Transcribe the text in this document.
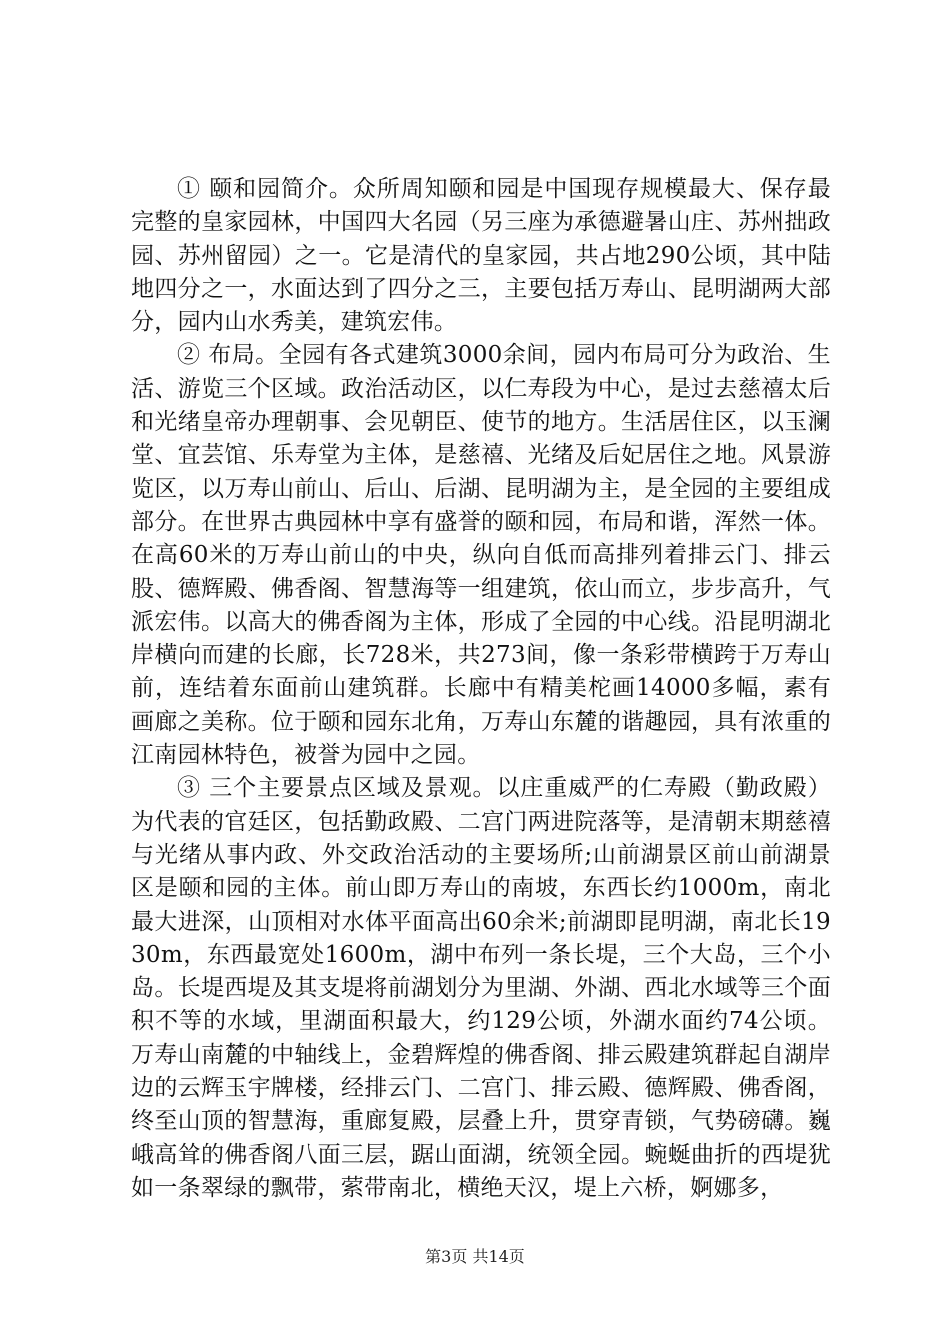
① 颐和园简介。众所周知颐和园是中国现存规模最大、保存最完整的皇家园林，中国四大名园（另三座为承德避暑山庄、苏州拙政园、苏州留园）之一。它是清代的皇家园，共占地290公顷，其中陆地四分之一，水面达到了四分之三，主要包括万寿山、昆明湖两大部分，园内山水秀美，建筑宏伟。

② 布局。全园有各式建筑3000余间，园内布局可分为政治、生活、游览三个区域。政治活动区，以仁寿段为中心，是过去慈禧太后和光绪皇帝办理朝事、会见朝臣、使节的地方。生活居住区，以玉澜堂、宜芸馆、乐寿堂为主体，是慈禧、光绪及后妃居住之地。风景游览区，以万寿山前山、后山、后湖、昆明湖为主，是全园的主要组成部分。在世界古典园林中享有盛誉的颐和园，布局和谐，浑然一体。在高60米的万寿山前山的中央，纵向自低而高排列着排云门、排云股、德辉殿、佛香阁、智慧海等一组建筑，依山而立，步步高升，气派宏伟。以高大的佛香阁为主体，形成了全园的中心线。沿昆明湖北岸横向而建的长廊，长728米，共273间，像一条彩带横跨于万寿山前，连结着东面前山建筑群。长廊中有精美柁画14000多幅，素有画廊之美称。位于颐和园东北角，万寿山东麓的谐趣园，具有浓重的江南园林特色，被誉为园中之园。

③ 三个主要景点区域及景观。以庄重威严的仁寿殿（勤政殿）为代表的官廷区，包括勤政殿、二宫门两进院落等，是清朝末期慈禧与光绪从事内政、外交政治活动的主要场所;山前湖景区前山前湖景区是颐和园的主体。前山即万寿山的南坡，东西长约1000m，南北最大进深，山顶相对水体平面高出60余米;前湖即昆明湖，南北长1930m，东西最宽处1600m，湖中布列一条长堤，三个大岛，三个小岛。长堤西堤及其支堤将前湖划分为里湖、外湖、西北水域等三个面积不等的水域，里湖面积最大，约129公顷，外湖水面约74公顷。万寿山南麓的中轴线上，金碧辉煌的佛香阁、排云殿建筑群起自湖岸边的云辉玉宇牌楼，经排云门、二宫门、排云殿、德辉殿、佛香阁，终至山顶的智慧海，重廊复殿，层叠上升，贯穿青锁，气势磅礴。巍峨高耸的佛香阁八面三层，踞山面湖，统领全园。蜿蜒曲折的西堤犹如一条翠绿的飘带，萦带南北，横绝天汉，堤上六桥，婀娜多，

第3页 共14页
